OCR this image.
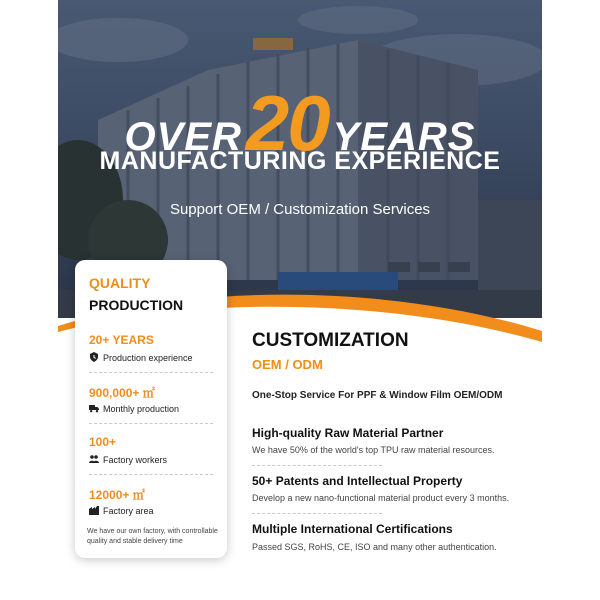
OVER20 YEARS
MANUFACTURING EXPERIENCE
Support OEM / Customization Services
QUALITY
PRODUCTION
20+ YEARS
Production experience
900,000+ ㎡
Monthly production
100+
Factory workers
12000+ ㎡
Factory area
We have our own factory, with controllable quality and stable delivery time
CUSTOMIZATION
OEM / ODM
One-Stop Service For PPF & Window Film OEM/ODM
High-quality Raw Material Partner
We have 50% of the world's top TPU raw material resources.
50+ Patents and Intellectual Property
Develop a new nano-functional material product every 3 months.
Multiple International Certifications
Passed SGS, RoHS, CE, ISO and many other authentication.
